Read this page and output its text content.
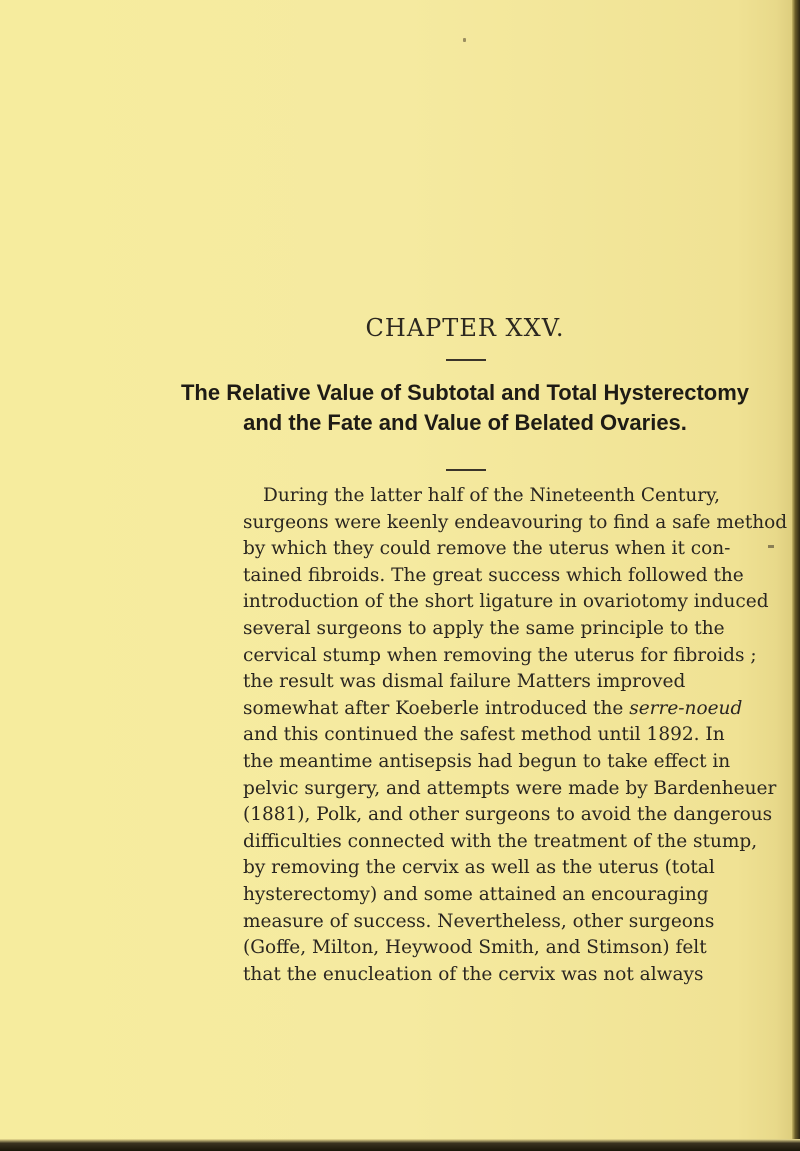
CHAPTER XXV.
The Relative Value of Subtotal and Total Hysterectomy
and the Fate and Value of Belated Ovaries.
During the latter half of the Nineteenth Century,
surgeons were keenly endeavouring to find a safe method
by which they could remove the uterus when it con-
tained fibroids. The great success which followed the
introduction of the short ligature in ovariotomy induced
several surgeons to apply the same principle to the
cervical stump when removing the uterus for fibroids ;
the result was dismal failure Matters improved
somewhat after Koeberle introduced the serre-noeud
and this continued the safest method until 1892. In
the meantime antisepsis had begun to take effect in
pelvic surgery, and attempts were made by Bardenheuer
(1881), Polk, and other surgeons to avoid the dangerous
difficulties connected with the treatment of the stump,
by removing the cervix as well as the uterus (total
hysterectomy) and some attained an encouraging
measure of success. Nevertheless, other surgeons
(Goffe, Milton, Heywood Smith, and Stimson) felt
that the enucleation of the cervix was not always
